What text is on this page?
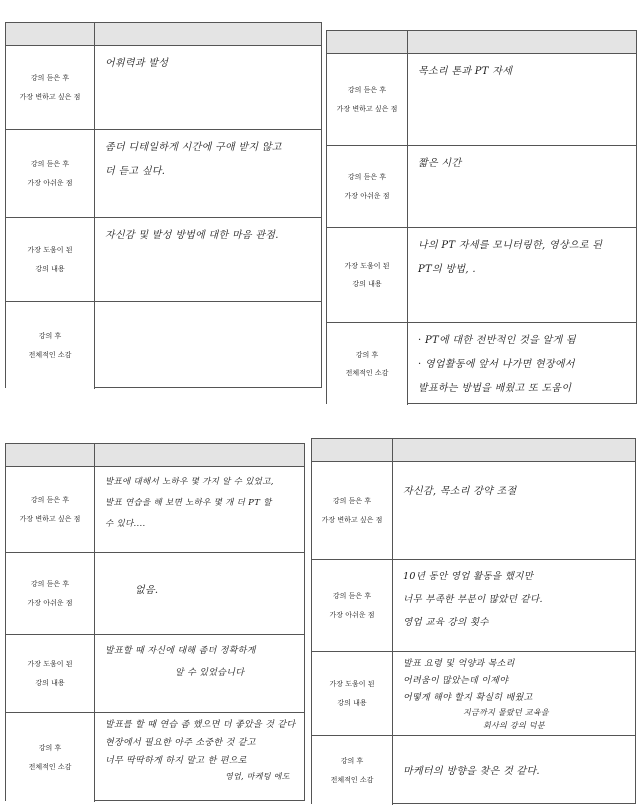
강의 듣은 후
가장 변하고 싶은 점
어휘력과 발성
강의 듣은 후
가장 아쉬운 점
좀더 디테일하게 시간에 구애 받지 않고
더 듣고 싶다.
가장 도움이 된
강의 내용
자신감 및 발성 방법에 대한 마음 관점.
강의 후
전체적인 소감
강의 듣은 후
가장 변하고 싶은 점
목소리 톤과 PT 자세
강의 듣은 후
가장 아쉬운 점
짧은 시간
가장 도움이 된
강의 내용
나의 PT 자세를 모니터링한, 영상으로 된
PT의 방법, .
강의 후
전체적인 소감
· PT에 대한 전반적인 것을 알게 됨
· 영업활동에 앞서 나가면 현장에서
발표하는 방법을 배웠고 또 도움이
강의 듣은 후
가장 변하고 싶은 점
발표에 대해서 노하우 몇 가지 알 수 있었고,
발표 연습을 해 보면 노하우 몇 개 더 PT 할
수 있다....
강의 듣은 후
가장 아쉬운 점
없음.
가장 도움이 된
강의 내용
발표할 때 자신에 대해 좀더 정확하게
알 수 있었습니다
강의 후
전체적인 소감
발표를 할 때 연습 좀 했으면 더 좋았을 것 같다
현장에서 필요한 아주 소중한 것 같고
너무 딱딱하게 하지 말고 한 편으로
영업, 마케팅 에도
강의 듣은 후
가장 변하고 싶은 점
자신감, 목소리 강약 조절
강의 듣은 후
가장 아쉬운 점
10년 동안 영업 활동을 했지만
너무 부족한 부분이 많았던 같다.
영업 교육 강의 횟수
가장 도움이 된
강의 내용
발표 요령 및 억양과 목소리
어려움이 많았는데 이제야
어떻게 해야 할지 확실히 배웠고
지금까지 몰랐던 교육을
회사의 강의 덕분
강의 후
전체적인 소감
마케터의 방향을 찾은 것 같다.
